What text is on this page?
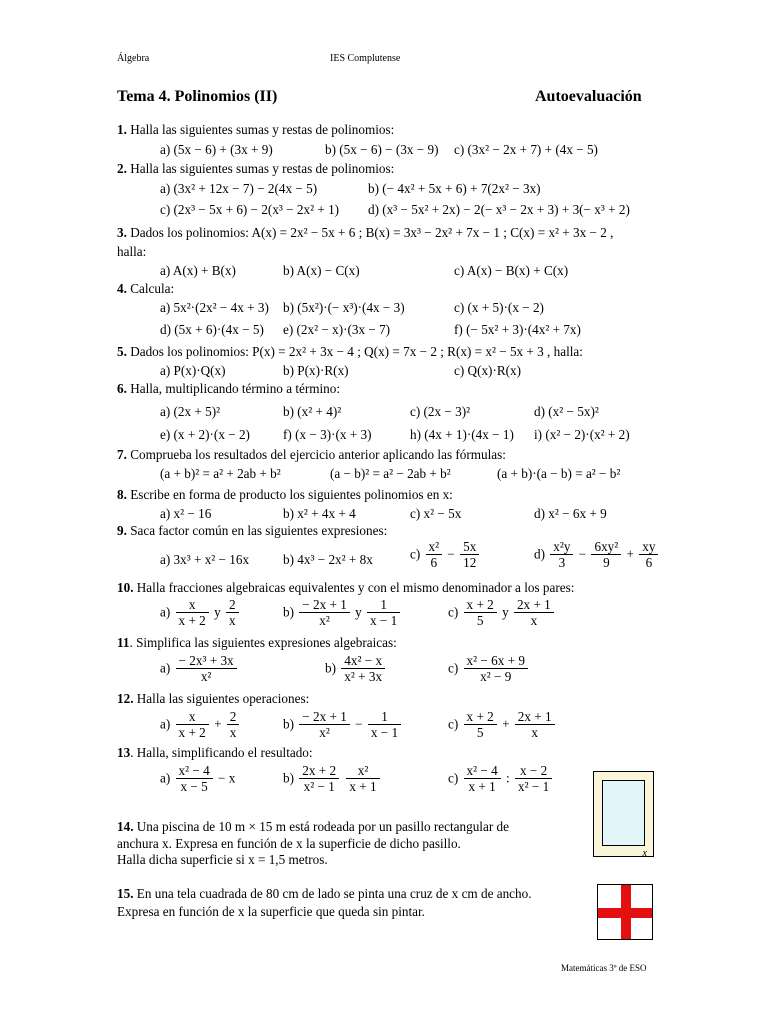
Álgebra	IES Complutense
Tema 4. Polinomios (II)	Autoevaluación
1. Halla las siguientes sumas y restas de polinomios:
a) (5x − 6) + (3x + 9)	b) (5x − 6) − (3x − 9) c) (3x² − 2x + 7) + (4x − 5)
2. Halla las siguientes sumas y restas de polinomios:
a) (3x² + 12x − 7) − 2(4x − 5)	b) (− 4x² + 5x + 6) + 7(2x² − 3x)
c) (2x³ − 5x + 6) − 2(x³ − 2x² + 1) d) (x³ − 5x² + 2x) − 2(− x³ − 2x + 3) + 3(− x³ + 2)
3. Dados los polinomios: A(x) = 2x² − 5x + 6 ; B(x) = 3x³ − 2x² + 7x − 1 ; C(x) = x² + 3x − 2 ,
halla:
a) A(x) + B(x)	b) A(x) − C(x)	c) A(x) − B(x) + C(x)
4. Calcula:
a) 5x²·(2x² − 4x + 3) b) (5x²)·(− x³)·(4x − 3)	c) (x + 5)·(x − 2)
d) (5x + 6)·(4x − 5) e) (2x² − x)·(3x − 7)	f) (− 5x² + 3)·(4x² + 7x)
5. Dados los polinomios: P(x) = 2x² + 3x − 4 ; Q(x) = 7x − 2 ; R(x) = x² − 5x + 3 , halla:
a) P(x)·Q(x)	b) P(x)·R(x)	c) Q(x)·R(x)
6. Halla, multiplicando término a término:
a) (2x + 5)²	b) (x² + 4)²	c) (2x − 3)²	d) (x² − 5x)²
e) (x + 2)·(x − 2)	f) (x − 3)·(x + 3)	h) (4x + 1)·(4x − 1) i) (x² − 2)·(x² + 2)
7. Comprueba los resultados del ejercicio anterior aplicando las fórmulas:
(a + b)² = a² + 2ab + b²	(a − b)² = a² − 2ab + b²	(a + b)·(a − b) = a² − b²
8. Escribe en forma de producto los siguientes polinomios en x:
a) x² − 16	b) x² + 4x + 4	c) x² − 5x	d) x² − 6x + 9
9. Saca factor común en las siguientes expresiones:
a) 3x³ + x² − 16x	b) 4x³ − 2x² + 8x	$c) \frac{\text{x²}}{6} - \frac{5x}{12}$	$d) \frac{\text{x²y}}{3} - \frac{\text{6xy²}}{9} + \frac{xy}{6}$
10. Halla fracciones algebraicas equivalentes y con el mismo denominador a los pares:
$a) \frac{x}{x + 2}$ y $\frac{2}{x}$	$b) \frac{- 2x + 1}{\text{x²}}$ y $\frac{1}{x - 1}$	$c) \frac{x + 2}{5}$ y $\frac{2x + 1}{x}$
11. Simplifica las siguientes expresiones algebraicas:
$a) \frac{\text{− 2x³ + 3x}}{\text{x²}}$	$b) \frac{\text{4x² − x}}{\text{x² + 3x}}$	$c) \frac{\text{x² − 6x + 9}}{\text{x² − 9}}$
12. Halla las siguientes operaciones:
$a) \frac{x}{x + 2} + \frac{2}{x}$	$b) \frac{- 2x + 1}{\text{x²}} - \frac{1}{x - 1}$	$c) \frac{x + 2}{5} + \frac{2x + 1}{x}$
13. Halla, simplificando el resultado:
$a) \frac{\text{x² − 4}}{x - 5} - x$	$b) \frac{2x + 2}{\text{x² − 1}}$
$\frac{\text{x²}}{x + 1}$	$c) \frac{\text{x² − 4}}{x + 1}$ : $\frac{x - 2}{\text{x² − 1}}$
x
14. Una piscina de 10 m × 15 m está rodeada por un pasillo rectangular de
anchura x. Expresa en función de x la superficie de dicho pasillo.
Halla dicha superficie si x = 1,5 metros.
15. En una tela cuadrada de 80 cm de lado se pinta una cruz de x cm de ancho.
Expresa en función de x la superficie que queda sin pintar.
Matemáticas 3º de ESO
